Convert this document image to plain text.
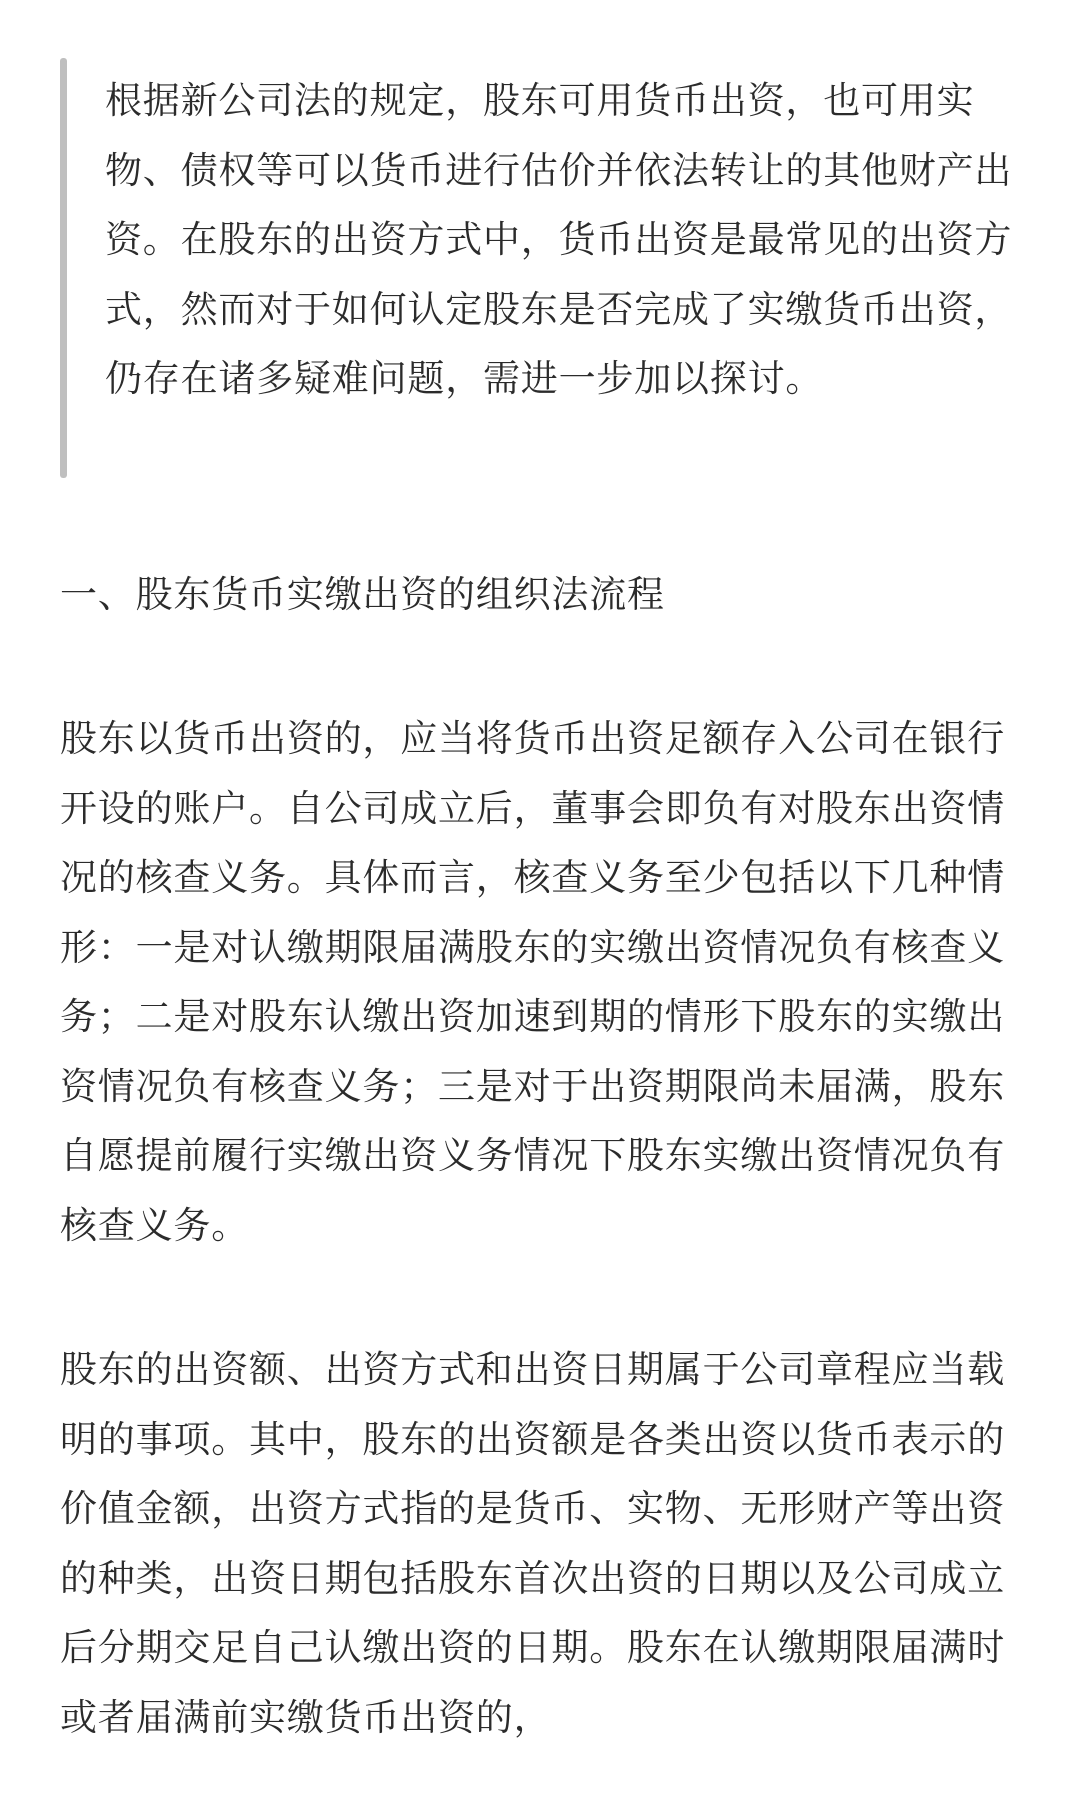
根据新公司法的规定，股东可用货币出资，也可用实物、债权等可以货币进行估价并依法转让的其他财产出资。在股东的出资方式中，货币出资是最常见的出资方式，然而对于如何认定股东是否完成了实缴货币出资，仍存在诸多疑难问题，需进一步加以探讨。

一、股东货币实缴出资的组织法流程

股东以货币出资的，应当将货币出资足额存入公司在银行开设的账户。自公司成立后，董事会即负有对股东出资情况的核查义务。具体而言，核查义务至少包括以下几种情形：一是对认缴期限届满股东的实缴出资情况负有核查义务；二是对股东认缴出资加速到期的情形下股东的实缴出资情况负有核查义务；三是对于出资期限尚未届满，股东自愿提前履行实缴出资义务情况下股东实缴出资情况负有核查义务。

股东的出资额、出资方式和出资日期属于公司章程应当载明的事项。其中，股东的出资额是各类出资以货币表示的价值金额，出资方式指的是货币、实物、无形财产等出资的种类，出资日期包括股东首次出资的日期以及公司成立后分期交足自己认缴出资的日期。股东在认缴期限届满时或者届满前实缴货币出资的，
